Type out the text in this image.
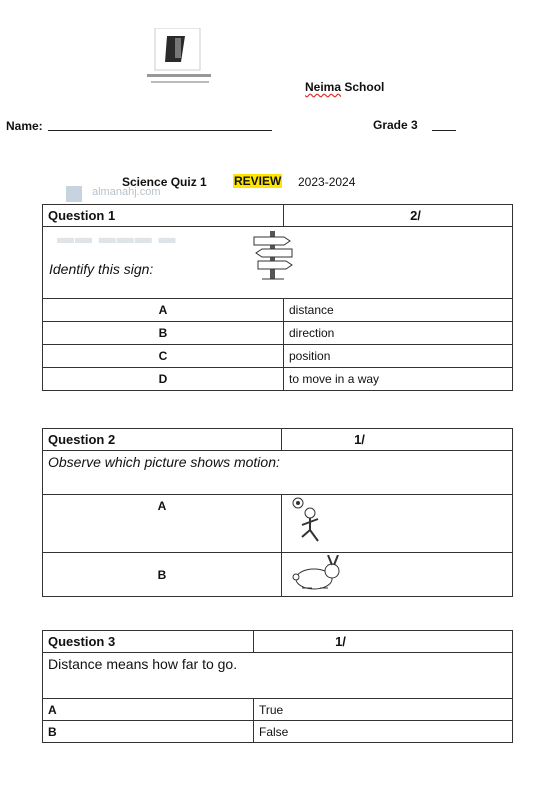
Neima School
Name:	Grade 3
Science Quiz 1 REVIEW 2023-2024
almanahj.com
Question 1	2/

Identify this sign:	

A	distance
B	direction
C	position
D	to move in a way
▬▬ ▬▬▬ ▬
Question 2	1/
Observe which picture shows motion:	
A	

B	
Question 3	1/
Distance means how far to go.	
A	True
B	False
